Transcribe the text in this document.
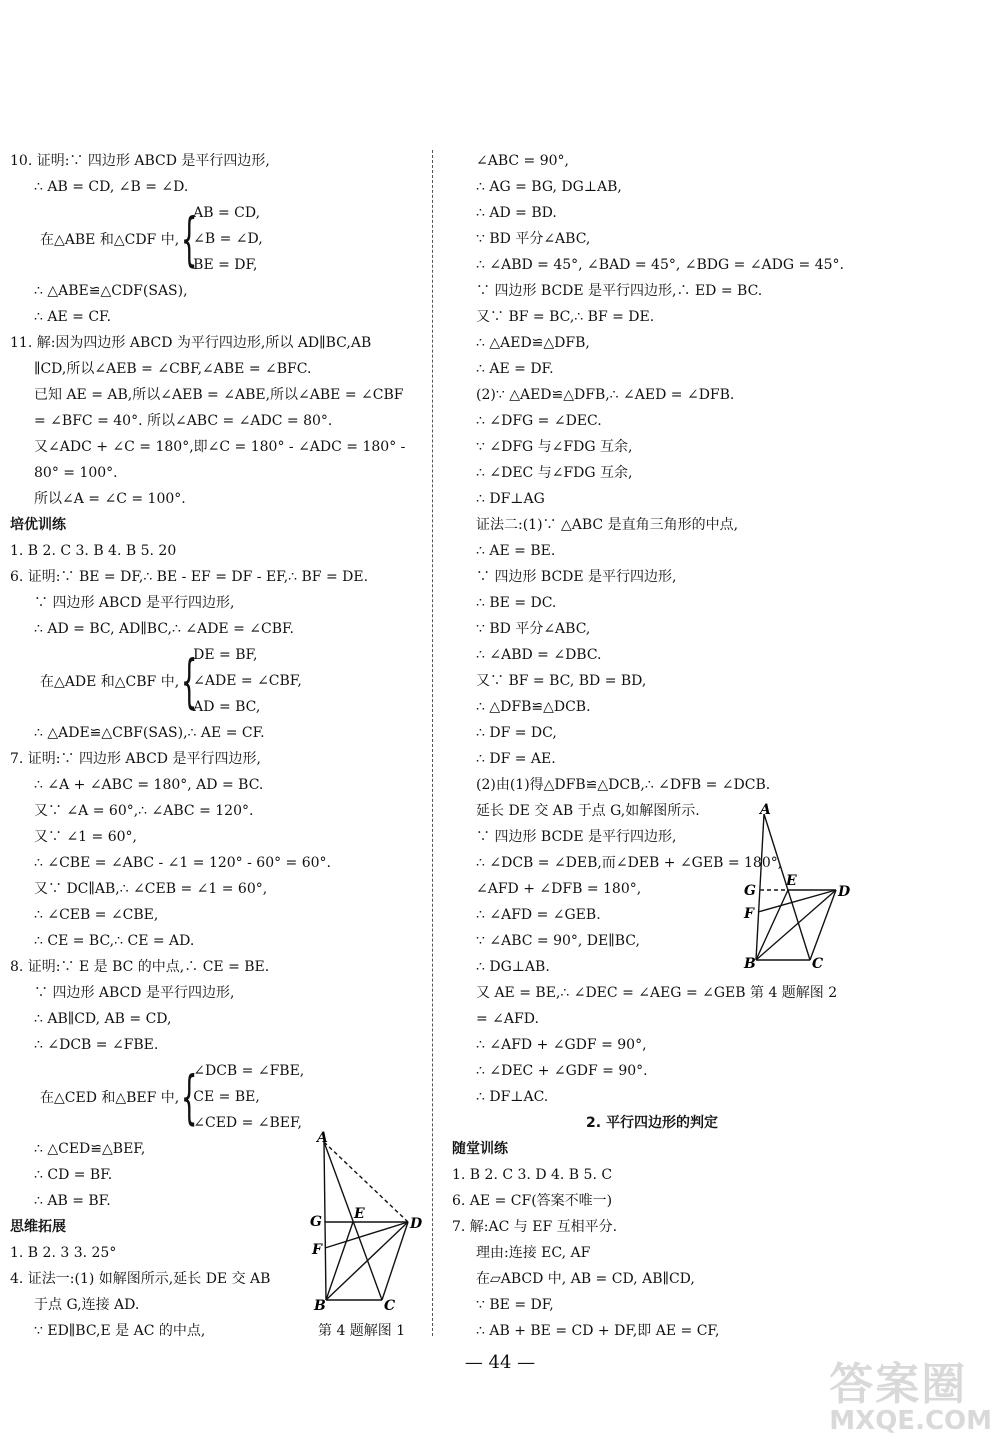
10. 证明:∵ 四边形 ABCD 是平行四边形,
∴ AB = CD, ∠B = ∠D.
在△ABE 和△CDF 中, {
AB = CD,
∠B = ∠D,
BE = DF,
∴ △ABE≌△CDF(SAS),
∴ AE = CF.
11. 解:因为四边形 ABCD 为平行四边形,所以 AD∥BC,AB
∥CD,所以∠AEB = ∠CBF,∠ABE = ∠BFC.
已知 AE = AB,所以∠AEB = ∠ABE,所以∠ABE = ∠CBF
= ∠BFC = 40°. 所以∠ABC = ∠ADC = 80°.
又∠ADC + ∠C = 180°,即∠C = 180° - ∠ADC = 180° -
80° = 100°.
所以∠A = ∠C = 100°.
培优训练
1. B 2. C 3. B 4. B 5. 20
6. 证明:∵ BE = DF,∴ BE - EF = DF - EF,∴ BF = DE.
∵ 四边形 ABCD 是平行四边形,
∴ AD = BC, AD∥BC,∴ ∠ADE = ∠CBF.
在△ADE 和△CBF 中, {
DE = BF,
∠ADE = ∠CBF,
AD = BC,
∴ △ADE≌△CBF(SAS),∴ AE = CF.
7. 证明:∵ 四边形 ABCD 是平行四边形,
∴ ∠A + ∠ABC = 180°, AD = BC.
又∵ ∠A = 60°,∴ ∠ABC = 120°.
又∵ ∠1 = 60°,
∴ ∠CBE = ∠ABC - ∠1 = 120° - 60° = 60°.
又∵ DC∥AB,∴ ∠CEB = ∠1 = 60°,
∴ ∠CEB = ∠CBE,
∴ CE = BC,∴ CE = AD.
8. 证明:∵ E 是 BC 的中点,∴ CE = BE.
∵ 四边形 ABCD 是平行四边形,
∴ AB∥CD, AB = CD,
∴ ∠DCB = ∠FBE.
在△CED 和△BEF 中, {
∠DCB = ∠FBE,
CE = BE,
∠CED = ∠BEF,
∴ △CED≌△BEF,
∴ CD = BF.
∴ AB = BF.
思维拓展
1. B 2. 3 3. 25°
4. 证法一:(1) 如解图所示,延长 DE 交 AB
于点 G,连接 AD.
∵ ED∥BC,E 是 AC 的中点,
A
G E
D
F
B	C
第 4 题解图 1
∠ABC = 90°,
∴ AG = BG, DG⊥AB,
∴ AD = BD.
∵ BD 平分∠ABC,
∴ ∠ABD = 45°, ∠BAD = 45°, ∠BDG = ∠ADG = 45°.
∵ 四边形 BCDE 是平行四边形,∴ ED = BC.
又∵ BF = BC,∴ BF = DE.
∴ △AED≌△DFB,
∴ AE = DF.
(2)∵ △AED≌△DFB,∴ ∠AED = ∠DFB.
∴ ∠DFG = ∠DEC.
∵ ∠DFG 与∠FDG 互余,
∴ ∠DEC 与∠FDG 互余,
∴ DF⊥AG
证法二:(1)∵ △ABC 是直角三角形的中点,
∴ AE = BE.
∵ 四边形 BCDE 是平行四边形,
∴ BE = DC.
∵ BD 平分∠ABC,
∴ ∠ABD = ∠DBC.
又∵ BF = BC, BD = BD,
∴ △DFB≌△DCB.
∴ DF = DC,
∴ DF = AE.
(2)由(1)得△DFB≌△DCB,∴ ∠DFB = ∠DCB.
延长 DE 交 AB 于点 G,如解图所示.
∵ 四边形 BCDE 是平行四边形,
∴ ∠DCB = ∠DEB,而∠DEB + ∠GEB = 180°,
∠AFD + ∠DFB = 180°,
∴ ∠AFD = ∠GEB.
∵ ∠ABC = 90°, DE∥BC,
∴ DG⊥AB.
又 AE = BE,∴ ∠DEC = ∠AEG = ∠GEB 第 4 题解图 2
= ∠AFD.
∴ ∠AFD + ∠GDF = 90°,
∴ ∠DEC + ∠GDF = 90°.
∴ DF⊥AC.
2. 平行四边形的判定
随堂训练
1. B 2. C 3. D 4. B 5. C
6. AE = CF(答案不唯一)
7. 解:AC 与 EF 互相平分.
理由:连接 EC, AF
在▱ABCD 中, AB = CD, AB∥CD,
∵ BE = DF,
∴ AB + BE = CD + DF,即 AE = CF,
A
G
E
D
F
B	C
— 44 —	答案圈
MXQE.COM
